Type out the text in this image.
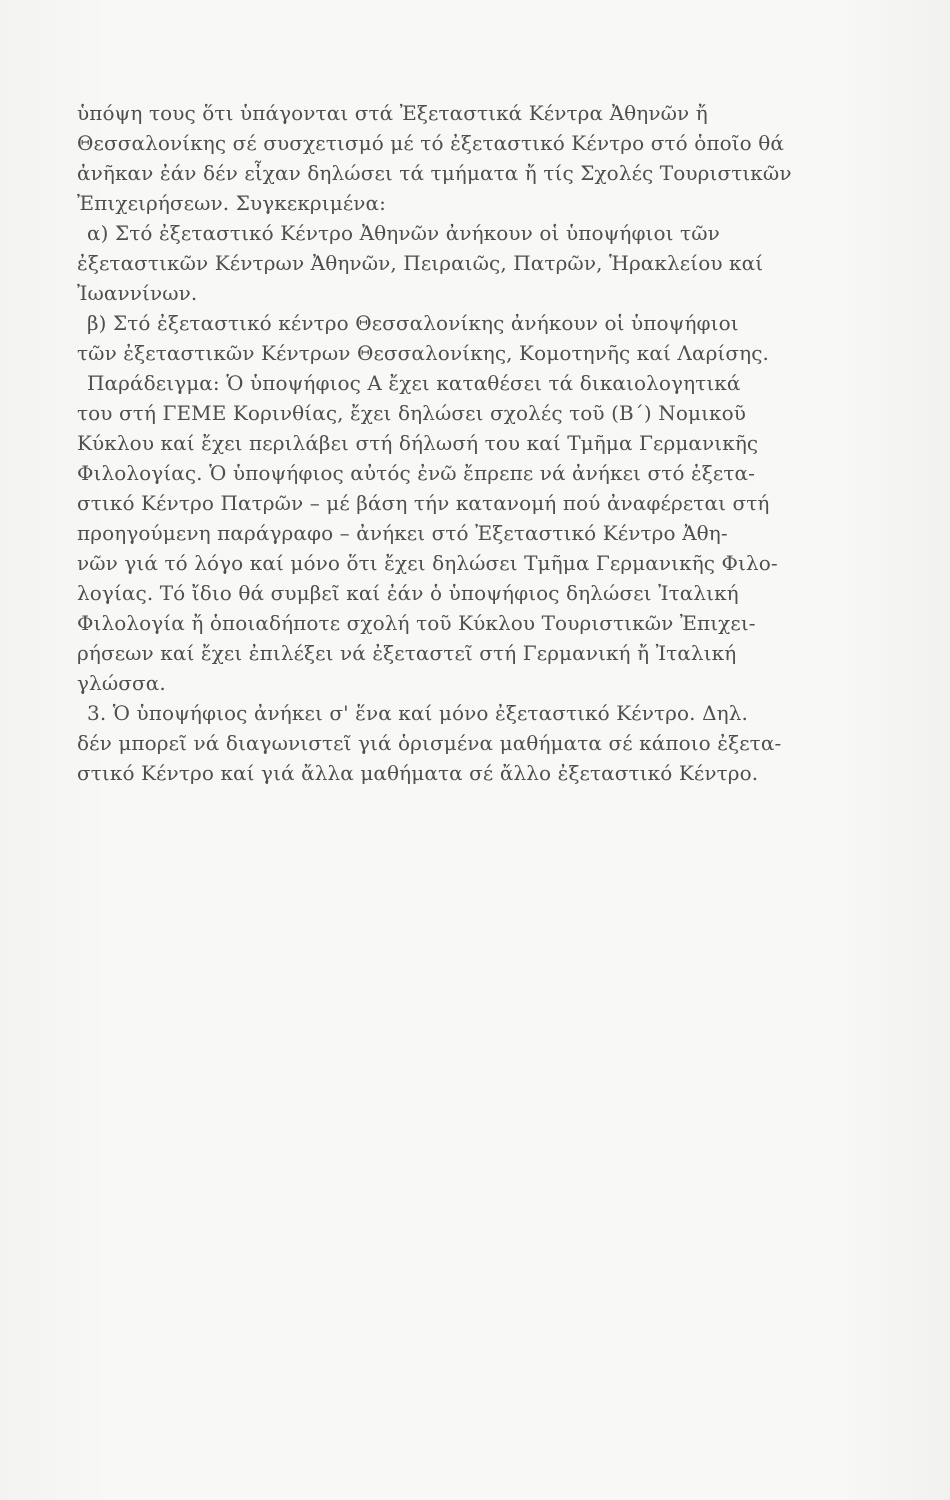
ὑπόψη τους ὅτι ὑπάγονται στά Ἐξεταστικά Κέντρα Ἀθηνῶν ἤ
Θεσσαλονίκης σέ συσχετισμό μέ τό ἐξεταστικό Κέντρο στό ὁποῖο θά
ἀνῆκαν ἐάν δέν εἶχαν δηλώσει τά τμήματα ἤ τίς Σχολές Τουριστικῶν
Ἐπιχειρήσεων. Συγκεκριμένα:
α) Στό ἐξεταστικό Κέντρο Ἀθηνῶν ἀνήκουν οἱ ὑποψήφιοι τῶν
ἐξεταστικῶν Κέντρων Ἀθηνῶν, Πειραιῶς, Πατρῶν, Ἡρακλείου καί
Ἰωαννίνων.
β) Στό ἐξεταστικό κέντρο Θεσσαλονίκης ἀνήκουν οἱ ὑποψήφιοι
τῶν ἐξεταστικῶν Κέντρων Θεσσαλονίκης, Κομοτηνῆς καί Λαρίσης.
Παράδειγμα: Ὁ ὑποψήφιος Α ἔχει καταθέσει τά δικαιολογητικά
του στή ΓΕΜΕ Κορινθίας, ἔχει δηλώσει σχολές τοῦ (Β΄) Νομικοῦ
Κύκλου καί ἔχει περιλάβει στή δήλωσή του καί Τμῆμα Γερμανικῆς
Φιλολογίας. Ὁ ὑποψήφιος αὐτός ἐνῶ ἔπρεπε νά ἀνήκει στό ἐξετα-
στικό Κέντρο Πατρῶν – μέ βάση τήν κατανομή πού ἀναφέρεται στή
προηγούμενη παράγραφο – ἀνήκει στό Ἐξεταστικό Κέντρο Ἀθη-
νῶν γιά τό λόγο καί μόνο ὅτι ἔχει δηλώσει Τμῆμα Γερμανικῆς Φιλο-
λογίας. Τό ἴδιο θά συμβεῖ καί ἐάν ὁ ὑποψήφιος δηλώσει Ἰταλική
Φιλολογία ἤ ὁποιαδήποτε σχολή τοῦ Κύκλου Τουριστικῶν Ἐπιχει-
ρήσεων καί ἔχει ἐπιλέξει νά ἐξεταστεῖ στή Γερμανική ἤ Ἰταλική
γλώσσα.
3. Ὁ ὑποψήφιος ἀνήκει σ' ἕνα καί μόνο ἐξεταστικό Κέντρο. Δηλ.
δέν μπορεῖ νά διαγωνιστεῖ γιά ὁρισμένα μαθήματα σέ κάποιο ἐξετα-
στικό Κέντρο καί γιά ἄλλα μαθήματα σέ ἄλλο ἐξεταστικό Κέντρο.
